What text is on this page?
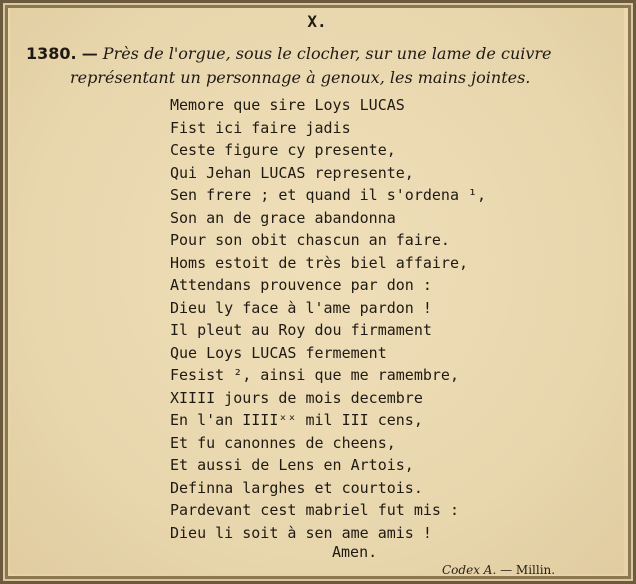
X.
1380. — Près de l'orgue, sous le clocher, sur une lame de cuivre
représentant un personnage à genoux, les mains jointes.
Memore que sire Loys LUCAS
Fist ici faire jadis
Ceste figure cy presente,
Qui Jehan LUCAS represente,
Sen frere ; et quand il s'ordena ¹,
Son an de grace abandonna
Pour son obit chascun an faire.
Homs estoit de très biel affaire,
Attendans prouvence par don :
Dieu ly face à l'ame pardon !
Il pleut au Roy dou firmament
Que Loys LUCAS fermement
Fesist ², ainsi que me ramembre,
XIIII jours de mois decembre
En l'an IIIIˣˣ mil III cens,
Et fu canonnes de cheens,
Et aussi de Lens en Artois,
Definna larghes et courtois.
Pardevant cest mabriel fut mis :
Dieu li soit à sen ame amis !
Amen.
Codex A. — Millin.
